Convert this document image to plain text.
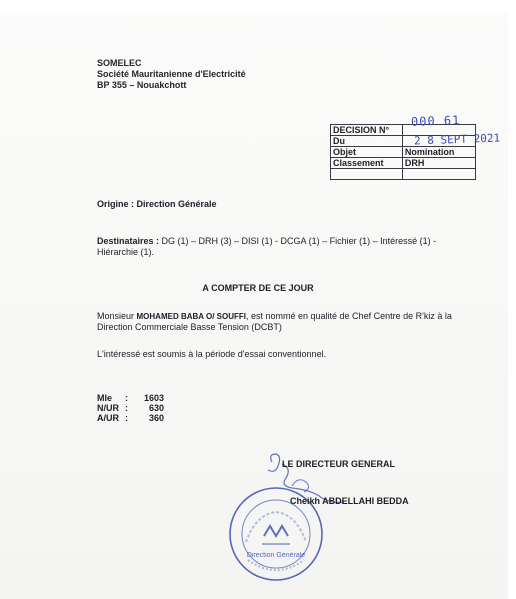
SOMELEC
Société Mauritanienne d'Electricité
BP 355 – Nouakchott
DECISION N°	
Du	
Objet	Nomination
Classement	DRH

000 61
2 8 SEPT 2021
Origine : Direction Générale
Destinataires : DG (1) – DRH (3) – DISI (1) - DCGA (1) – Fichier (1) – Intéressé (1) - Hiérarchie (1).
A COMPTER DE CE JOUR
Monsieur MOHAMED BABA O/ SOUFFI, est nommé en qualité de Chef Centre de R'kiz à la Direction Commerciale Basse Tension (DCBT)
L'intéressé est soumis à la période d'essai conventionnel.
Mle	:	1603
N/UR :	630
A/UR :	360
Direction Générale
LE DIRECTEUR GENERAL
Cheikh ABDELLAHI BEDDA
